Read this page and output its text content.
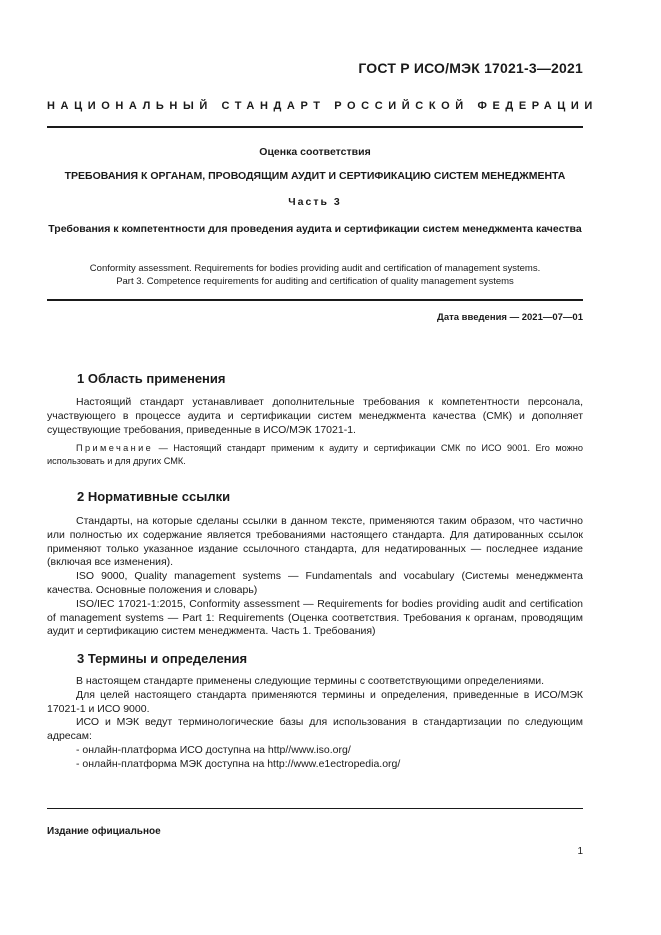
ГОСТ Р ИСО/МЭК 17021-3—2021
НАЦИОНАЛЬНЫЙ СТАНДАРТ РОССИЙСКОЙ ФЕДЕРАЦИИ
Оценка соответствия
ТРЕБОВАНИЯ К ОРГАНАМ, ПРОВОДЯЩИМ АУДИТ И СЕРТИФИКАЦИЮ СИСТЕМ МЕНЕДЖМЕНТА
Часть 3
Требования к компетентности для проведения аудита и сертификации систем менеджмента качества
Conformity assessment. Requirements for bodies providing audit and certification of management systems.
Part 3. Competence requirements for auditing and certification of quality management systems
Дата введения — 2021—07—01
1 Область применения

Настоящий стандарт устанавливает дополнительные требования к компетентности персонала, участвующего в процессе аудита и сертификации систем менеджмента качества (СМК) и дополняет существующие требования, приведенные в ИСО/МЭК 17021-1.

Примечание — Настоящий стандарт применим к аудиту и сертификации СМК по ИСО 9001. Его можно использовать и для других СМК.

2 Нормативные ссылки

Стандарты, на которые сделаны ссылки в данном тексте, применяются таким образом, что частично или полностью их содержание является требованиями настоящего стандарта. Для датированных ссылок применяют только указанное издание ссылочного стандарта, для недатированных — последнее издание (включая все изменения).

ISO 9000, Quality management systems — Fundamentals and vocabulary (Системы менеджмента качества. Основные положения и словарь)

ISO/IEC 17021-1:2015, Conformity assessment — Requirements for bodies providing audit and certification of management systems — Part 1: Requirements (Оценка соответствия. Требования к органам, проводящим аудит и сертификацию систем менеджмента. Часть 1. Требования)

3 Термины и определения

В настоящем стандарте применены следующие термины с соответствующими определениями.

Для целей настоящего стандарта применяются термины и определения, приведенные в ИСО/МЭК 17021-1 и ИСО 9000.

ИСО и МЭК ведут терминологические базы для использования в стандартизации по следующим адресам:

- онлайн-платформа ИСО доступна на http//www.iso.org/

- онлайн-платформа МЭК доступна на http://www.e1ectropedia.org/

Издание официальное
1
